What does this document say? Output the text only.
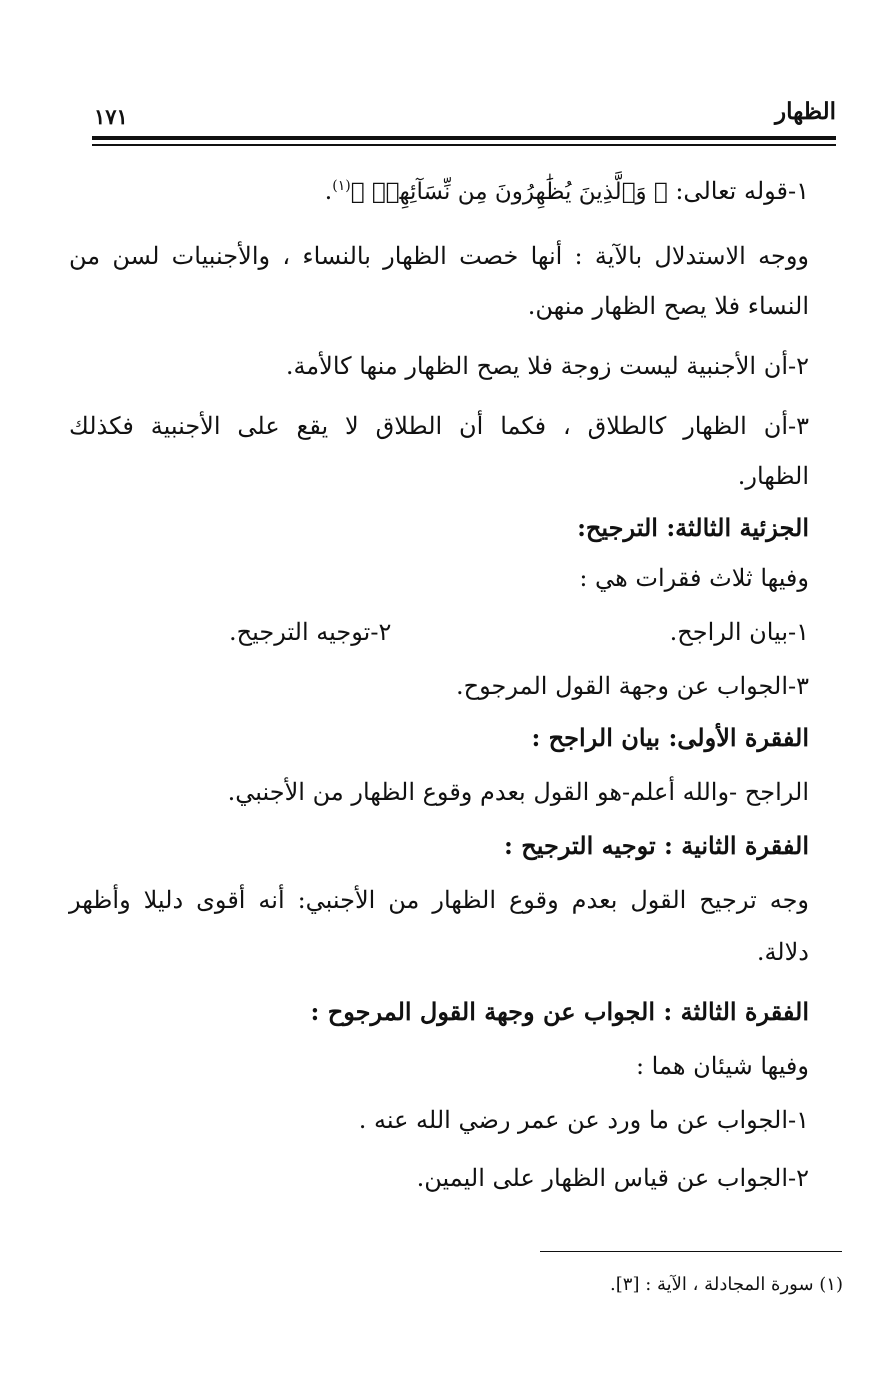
الظهار
١٧١
١-قوله تعالى: ﴿ وَٱلَّذِينَ يُظَٰهِرُونَ مِن نِّسَآئِهِمۡ ﴾$^{(١)}$.
ووجه الاستدلال بالآية : أنها خصت الظهار بالنساء ، والأجنبيات لسن من
النساء فلا يصح الظهار منهن.
٢-أن الأجنبية ليست زوجة فلا يصح الظهار منها كالأمة.
٣-أن الظهار كالطلاق ، فكما أن الطلاق لا يقع على الأجنبية فكذلك
الظهار.
الجزئية الثالثة: الترجيح:
وفيها ثلاث فقرات هي :
١-بيان الراجح.
٢-توجيه الترجيح.
٣-الجواب عن وجهة القول المرجوح.
الفقرة الأولى: بيان الراجح :
الراجح -والله أعلم-هو القول بعدم وقوع الظهار من الأجنبي.
الفقرة الثانية : توجيه الترجيح :
وجه ترجيح القول بعدم وقوع الظهار من الأجنبي: أنه أقوى دليلا وأظهر
دلالة.
الفقرة الثالثة : الجواب عن وجهة القول المرجوح :
وفيها شيئان هما :
١-الجواب عن ما ورد عن عمر رضي الله عنه .
٢-الجواب عن قياس الظهار على اليمين.
(١) سورة المجادلة ، الآية : [٣].
